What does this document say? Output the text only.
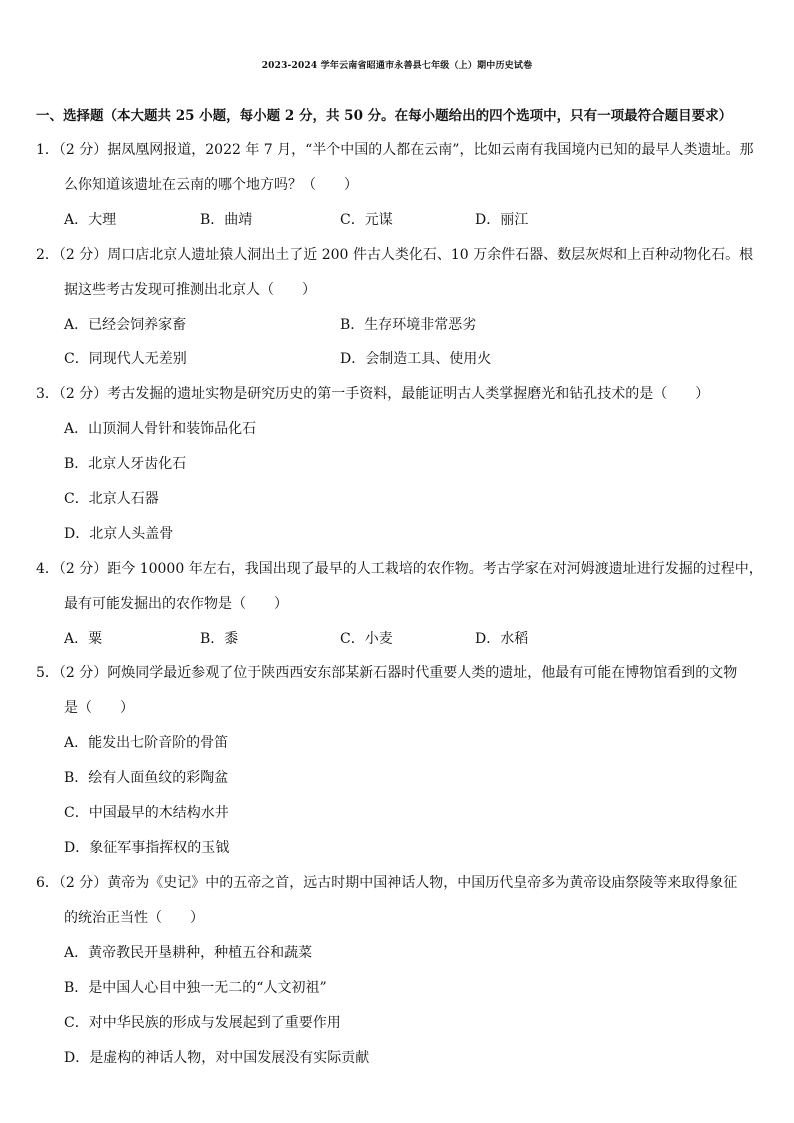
2023-2024 学年云南省昭通市永善县七年级（上）期中历史试卷
一、选择题（本大题共 25 小题，每小题 2 分，共 50 分。在每小题给出的四个选项中，只有一项最符合题目要求）
1．（2 分）据凤凰网报道，2022 年 7 月，“半个中国的人都在云南”，比如云南有我国境内已知的最早人类遗址。那
么你知道该遗址在云南的哪个地方吗？（　　）
A．大理	B．曲靖	C．元谋	D．丽江
2．（2 分）周口店北京人遗址猿人洞出土了近 200 件古人类化石、10 万余件石器、数层灰烬和上百种动物化石。根
据这些考古发现可推测出北京人（　　）
A．已经会饲养家畜	B．生存环境非常恶劣
C．同现代人无差别	D．会制造工具、使用火
3．（2 分）考古发掘的遗址实物是研究历史的第一手资料，最能证明古人类掌握磨光和钻孔技术的是（　　）
A．山顶洞人骨针和装饰品化石
B．北京人牙齿化石
C．北京人石器
D．北京人头盖骨
4．（2 分）距今 10000 年左右，我国出现了最早的人工栽培的农作物。考古学家在对河姆渡遗址进行发掘的过程中，
最有可能发掘出的农作物是（　　）
A．粟	B．黍	C．小麦	D．水稻
5．（2 分）阿焕同学最近参观了位于陕西西安东部某新石器时代重要人类的遗址，他最有可能在博物馆看到的文物
是（　　）
A．能发出七阶音阶的骨笛
B．绘有人面鱼纹的彩陶盆
C．中国最早的木结构水井
D．象征军事指挥权的玉钺
6．（2 分）黄帝为《史记》中的五帝之首，远古时期中国神话人物，中国历代皇帝多为黄帝设庙祭陵等来取得象征
的统治正当性（　　）
A．黄帝教民开垦耕种，种植五谷和蔬菜
B．是中国人心目中独一无二的“人文初祖”
C．对中华民族的形成与发展起到了重要作用
D．是虚构的神话人物，对中国发展没有实际贡献
